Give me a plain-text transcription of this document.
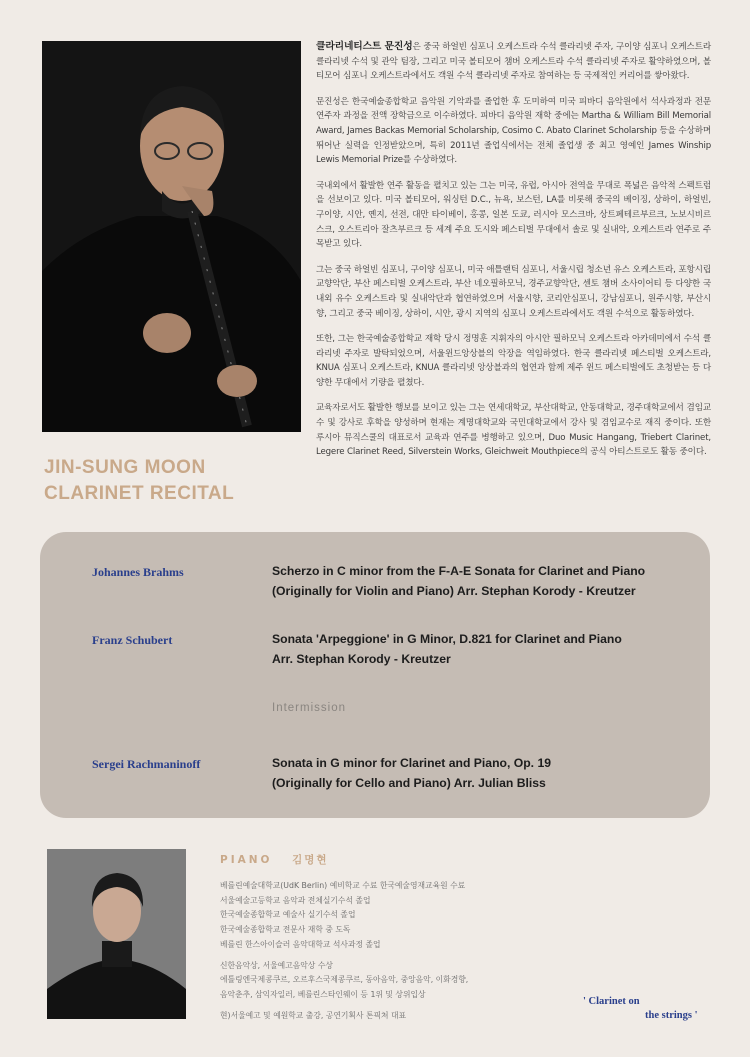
클라리네티스트 문진성은 중국 하얼빈 심포니 오케스트라 수석 클라리넷 주자, 구이양 심포니 오케스트라 클라리넷 수석 및 관악 팀장, 그리고 미국 볼티모어 챔버 오케스트라 수석 클라리넷 주자로 활약하였으며, 볼티모어 심포니 오케스트라에서도 객원 수석 클라리넷 주자로 참여하는 등 국제적인 커리어를 쌓아왔다.

문진성은 한국예술종합학교 음악원 기악과를 졸업한 후 도미하여 미국 피바디 음악원에서 석사과정과 전문 연주자 과정을 전액 장학금으로 이수하였다. 피바디 음악원 재학 중에는 Martha & William Bill Memorial Award, James Backas Memorial Scholarship, Cosimo C. Abato Clarinet Scholarship 등을 수상하며 뛰어난 실력을 인정받았으며, 특히 2011년 졸업식에서는 전체 졸업생 중 최고 영예인 James Winship Lewis Memorial Prize를 수상하였다.

국내외에서 활발한 연주 활동을 펼치고 있는 그는 미국, 유럽, 아시아 전역을 무대로 폭넓은 음악적 스펙트럼을 선보이고 있다. 미국 볼티모어, 워싱턴 D.C., 뉴욕, 보스턴, LA를 비롯해 중국의 베이징, 상하이, 하얼빈, 구이양, 시안, 옌지, 선전, 대만 타이베이, 홍콩, 일본 도쿄, 러시아 모스크바, 상트페테르부르크, 노보시비르스크, 오스트리아 잘츠부르크 등 세계 주요 도시와 페스티벌 무대에서 솔로 및 실내악, 오케스트라 연주로 주목받고 있다.

그는 중국 하얼빈 심포니, 구이양 심포니, 미국 애틀랜틱 심포니, 서울시립 청소년 유스 오케스트라, 포항시립교향악단, 부산 페스티벌 오케스트라, 부산 네오필하모닉, 경주교향악단, 센토 챔버 소사이어티 등 다양한 국내외 유수 오케스트라 및 실내악단과 협연하였으며 서울시향, 코리안심포니, 강남심포니, 원주시향, 부산시향, 그리고 중국 베이징, 상하이, 시안, 광시 지역의 심포니 오케스트라에서도 객원 수석으로 활동하였다.

또한, 그는 한국예술종합학교 재학 당시 정명훈 지휘자의 아시안 필하모닉 오케스트라 아카데미에서 수석 클라리넷 주자로 발탁되었으며, 서울윈드앙상블의 악장을 역임하였다. 한국 클라리넷 페스티벌 오케스트라, KNUA 심포니 오케스트라, KNUA 클라리넷 앙상블과의 협연과 함께 제주 윈드 페스티벌에도 초청받는 등 다양한 무대에서 기량을 펼쳤다.

교육자로서도 활발한 행보를 보이고 있는 그는 연세대학교, 부산대학교, 안동대학교, 경주대학교에서 겸임교수 및 강사로 후학을 양성하며 현재는 계명대학교와 국민대학교에서 강사 및 겸임교수로 재직 중이다. 또한 루시아 뮤직스쿨의 대표로서 교육과 연주를 병행하고 있으며, Duo Music Hangang, Triebert Clarinet, Legere Clarinet Reed, Silverstein Works, Gleichweit Mouthpiece의 공식 아티스트로도 활동 중이다.

JIN-SUNG MOON
CLARINET RECITAL
Johannes Brahms	Scherzo in C minor from the F-A-E Sonata for Clarinet and Piano
(Originally for Violin and Piano) Arr. Stephan Korody - Kreutzer
Franz Schubert	Sonata 'Arpeggione' in G Minor, D.821 for Clarinet and Piano
Arr. Stephan Korody - Kreutzer
Intermission
Sergei Rachmaninoff	Sonata in G minor for Clarinet and Piano, Op. 19
(Originally for Cello and Piano) Arr. Julian Bliss
PIANO 김명현

베를린예술대학교(UdK Berlin) 예비학교 수료 한국예술영재교육원 수료
서울예술고등학교 음악과 전체실기수석 졸업
한국예술종합학교 예술사 실기수석 졸업
한국예술종합학교 전문사 재학 중 도독
베를린 한스아이슬러 음악대학교 석사과정 졸업

신한음악상, 서울예고음악상 수상
에틀링엔국제콩쿠르, 오르후스국제콩쿠르, 동아음악, 중앙음악, 이화경향,
음악춘추, 삼익자일러, 베를린스타인웨이 등 1위 및 상위입상

현)서울예고 및 예원학교 출강, 공연기획사 톤픽쳐 대표

' Clarinet on
the strings '
